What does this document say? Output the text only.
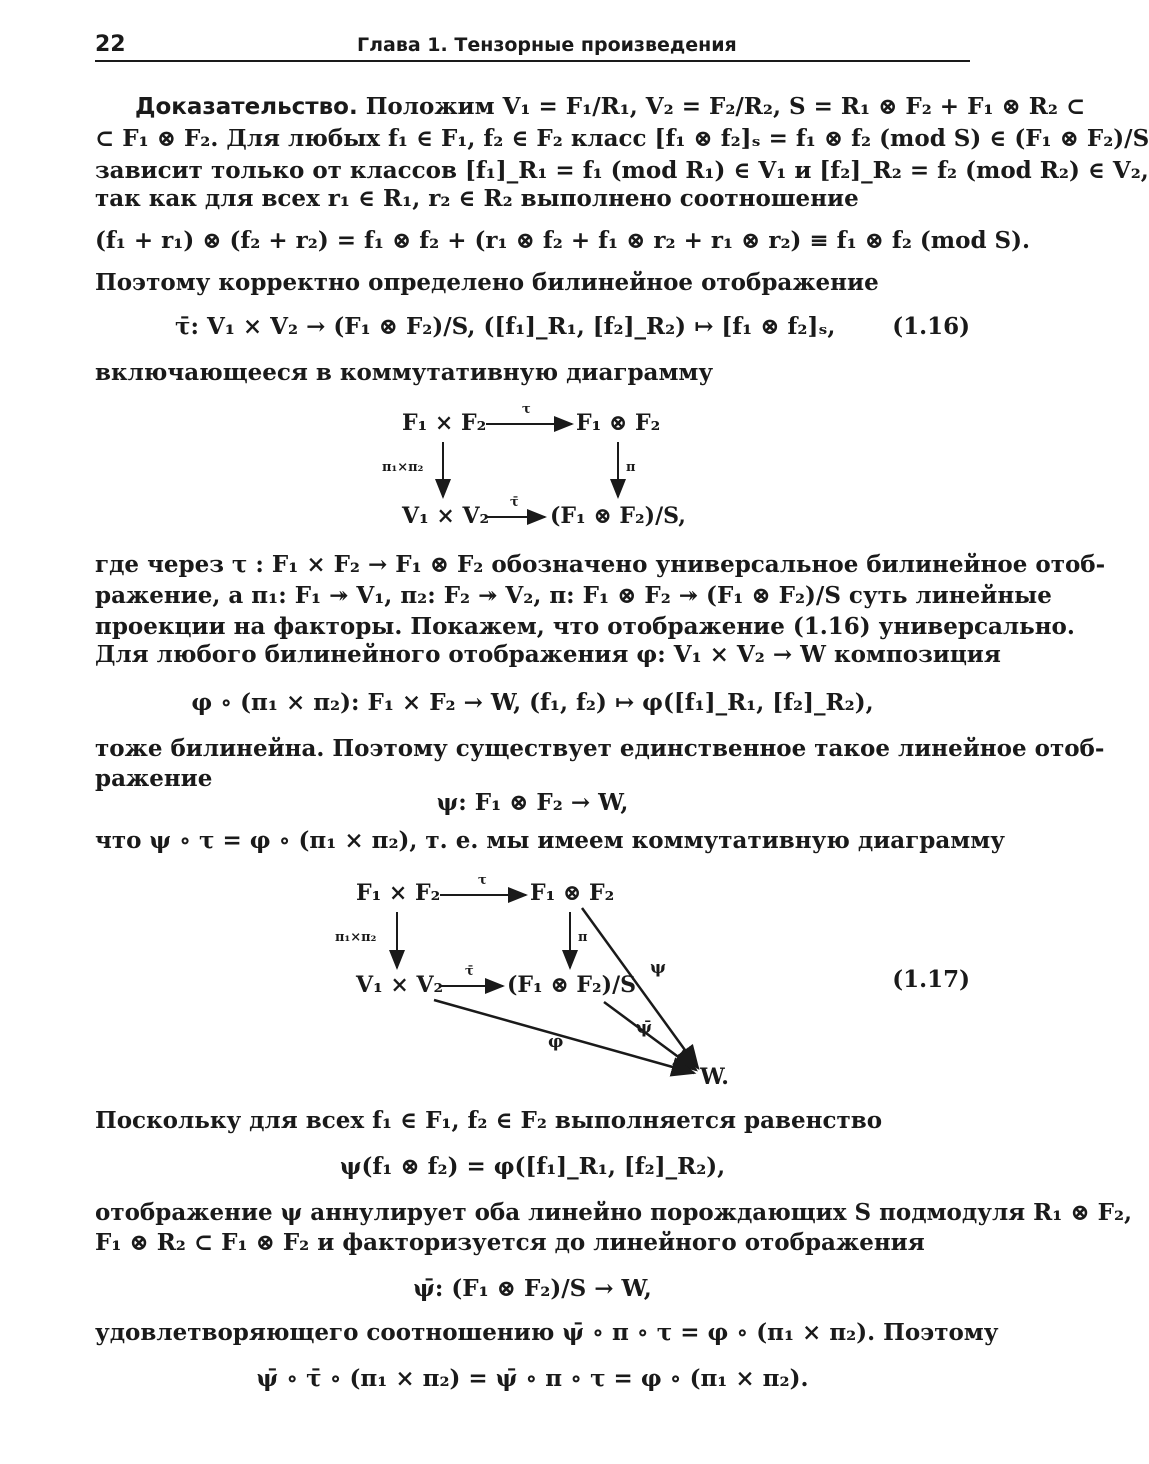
22	Глава 1. Тензорные произведения
Доказательство. Положим V₁ = F₁/R₁, V₂ = F₂/R₂, S = R₁ ⊗ F₂ + F₁ ⊗ R₂ ⊂
⊂ F₁ ⊗ F₂. Для любых f₁ ∈ F₁, f₂ ∈ F₂ класс [f₁ ⊗ f₂]ₛ = f₁ ⊗ f₂ (mod S) ∈ (F₁ ⊗ F₂)/S
зависит только от классов [f₁]_R₁ = f₁ (mod R₁) ∈ V₁ и [f₂]_R₂ = f₂ (mod R₂) ∈ V₂,
так как для всех r₁ ∈ R₁, r₂ ∈ R₂ выполнено соотношение
(f₁ + r₁) ⊗ (f₂ + r₂) = f₁ ⊗ f₂ + (r₁ ⊗ f₂ + f₁ ⊗ r₂ + r₁ ⊗ r₂) ≡ f₁ ⊗ f₂ (mod S).
Поэтому корректно определено билинейное отображение
τ̄: V₁ × V₂ → (F₁ ⊗ F₂)/S, ([f₁]_R₁, [f₂]_R₂) ↦ [f₁ ⊗ f₂]ₛ, (1.16)
включающееся в коммутативную диаграмму
F₁ × F₂	F₁ ⊗ F₂
V₁ × V₂	(F₁ ⊗ F₂)/S,
τ
τ̄
π₁×π₂	π
где через τ : F₁ × F₂ → F₁ ⊗ F₂ обозначено универсальное билинейное отоб-
ражение, а π₁: F₁ ↠ V₁, π₂: F₂ ↠ V₂, π: F₁ ⊗ F₂ ↠ (F₁ ⊗ F₂)/S суть линейные
проекции на факторы. Покажем, что отображение (1.16) универсально.
Для любого билинейного отображения φ: V₁ × V₂ → W композиция
φ ∘ (π₁ × π₂): F₁ × F₂ → W, (f₁, f₂) ↦ φ([f₁]_R₁, [f₂]_R₂),
тоже билинейна. Поэтому существует единственное такое линейное отоб-
ражение
ψ: F₁ ⊗ F₂ → W,
что ψ ∘ τ = φ ∘ (π₁ × π₂), т. е. мы имеем коммутативную диаграмму
F₁ × F₂	F₁ ⊗ F₂
V₁ × V₂	(F₁ ⊗ F₂)/S
W.
τ
τ̄
π₁×π₂	π
ψ
ψ̄
φ
(1.17)
Поскольку для всех f₁ ∈ F₁, f₂ ∈ F₂ выполняется равенство
ψ(f₁ ⊗ f₂) = φ([f₁]_R₁, [f₂]_R₂),
отображение ψ аннулирует оба линейно порождающих S подмодуля R₁ ⊗ F₂,
F₁ ⊗ R₂ ⊂ F₁ ⊗ F₂ и факторизуется до линейного отображения
ψ̄: (F₁ ⊗ F₂)/S → W,
удовлетворяющего соотношению ψ̄ ∘ π ∘ τ = φ ∘ (π₁ × π₂). Поэтому
ψ̄ ∘ τ̄ ∘ (π₁ × π₂) = ψ̄ ∘ π ∘ τ = φ ∘ (π₁ × π₂).
